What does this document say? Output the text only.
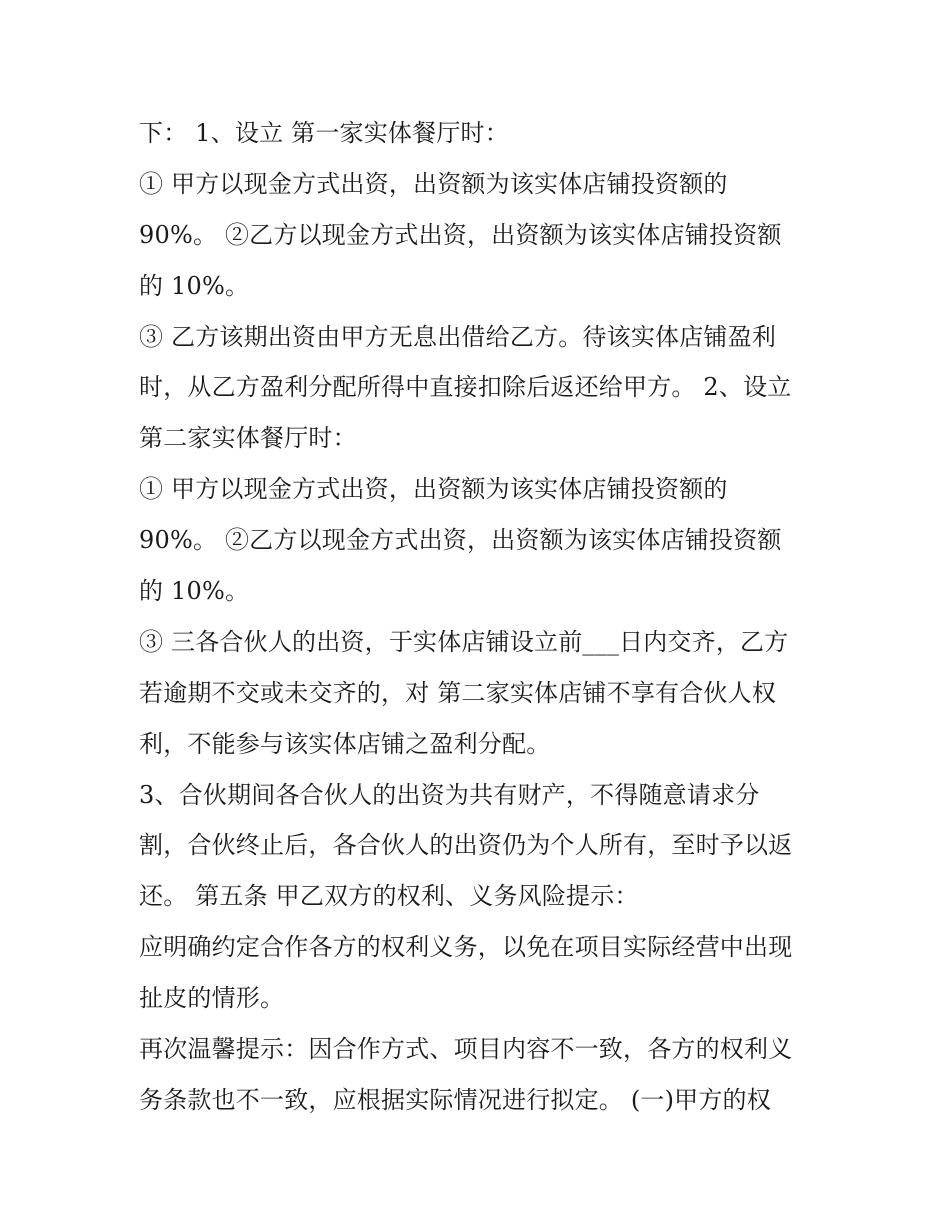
下： 1、设立 第一家实体餐厅时：
① 甲方以现金方式出资，出资额为该实体店铺投资额的
90%。 ②乙方以现金方式出资，出资额为该实体店铺投资额
的 10%。
③ 乙方该期出资由甲方无息出借给乙方。待该实体店铺盈利
时，从乙方盈利分配所得中直接扣除后返还给甲方。 2、设立
第二家实体餐厅时：
① 甲方以现金方式出资，出资额为该实体店铺投资额的
90%。 ②乙方以现金方式出资，出资额为该实体店铺投资额
的 10%。
③ 三各合伙人的出资，于实体店铺设立前___日内交齐，乙方
若逾期不交或未交齐的，对 第二家实体店铺不享有合伙人权
利，不能参与该实体店铺之盈利分配。
3、合伙期间各合伙人的出资为共有财产，不得随意请求分
割，合伙终止后，各合伙人的出资仍为个人所有，至时予以返
还。 第五条 甲乙双方的权利、义务风险提示：
应明确约定合作各方的权利义务，以免在项目实际经营中出现
扯皮的情形。
再次温馨提示：因合作方式、项目内容不一致，各方的权利义
务条款也不一致，应根据实际情况进行拟定。 (一)甲方的权
